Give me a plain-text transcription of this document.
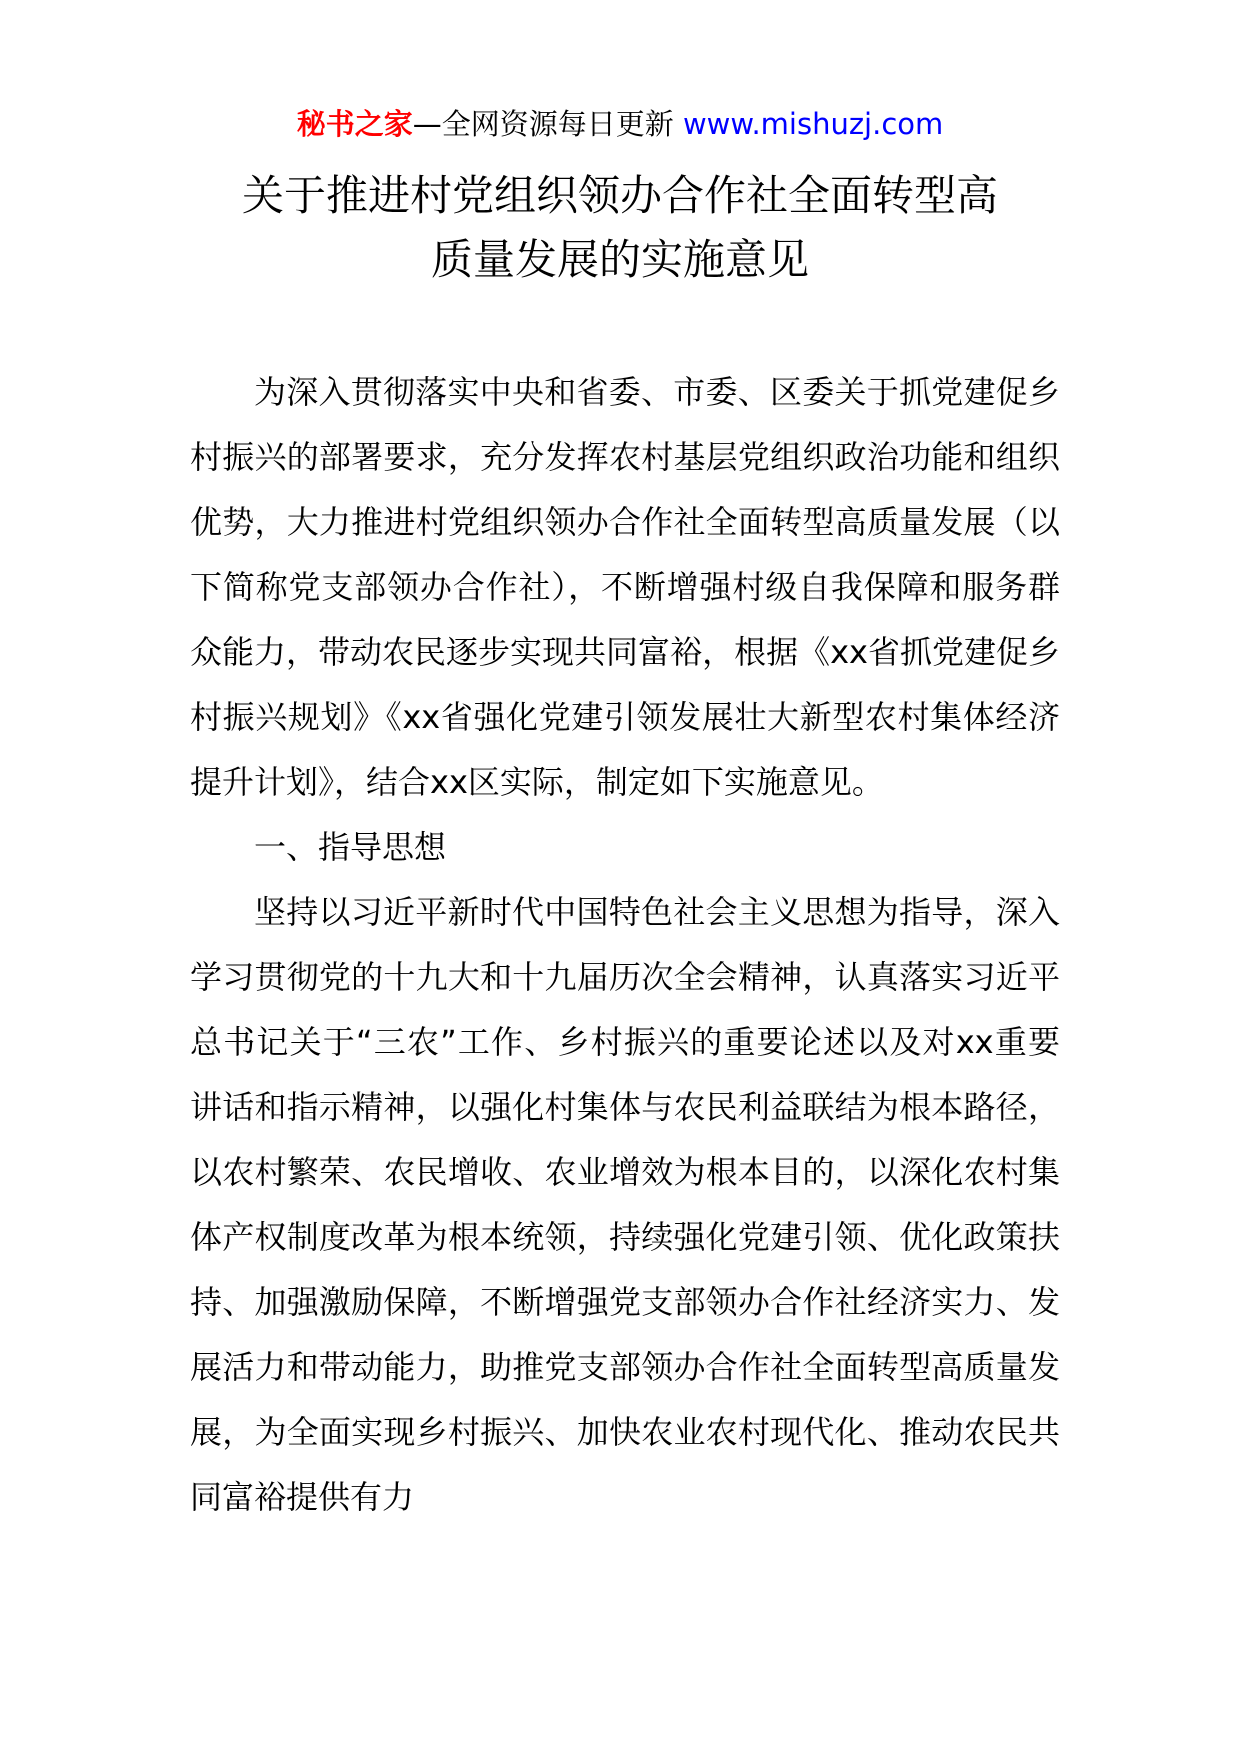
秘书之家—全网资源每日更新 www.mishuzj.com
关于推进村党组织领办合作社全面转型高
质量发展的实施意见

为深入贯彻落实中央和省委、市委、区委关于抓党建促乡村振兴的部署要求，充分发挥农村基层党组织政治功能和组织优势，大力推进村党组织领办合作社全面转型高质量发展（以下简称党支部领办合作社），不断增强村级自我保障和服务群众能力，带动农民逐步实现共同富裕，根据《xx省抓党建促乡村振兴规划》《xx省强化党建引领发展壮大新型农村集体经济提升计划》，结合xx区实际，制定如下实施意见。

一、指导思想

坚持以习近平新时代中国特色社会主义思想为指导，深入学习贯彻党的十九大和十九届历次全会精神，认真落实习近平总书记关于“三农”工作、乡村振兴的重要论述以及对xx重要讲话和指示精神，以强化村集体与农民利益联结为根本路径，以农村繁荣、农民增收、农业增效为根本目的，以深化农村集体产权制度改革为根本统领，持续强化党建引领、优化政策扶持、加强激励保障，不断增强党支部领办合作社经济实力、发展活力和带动能力，助推党支部领办合作社全面转型高质量发展，为全面实现乡村振兴、加快农业农村现代化、推动农民共同富裕提供有力
